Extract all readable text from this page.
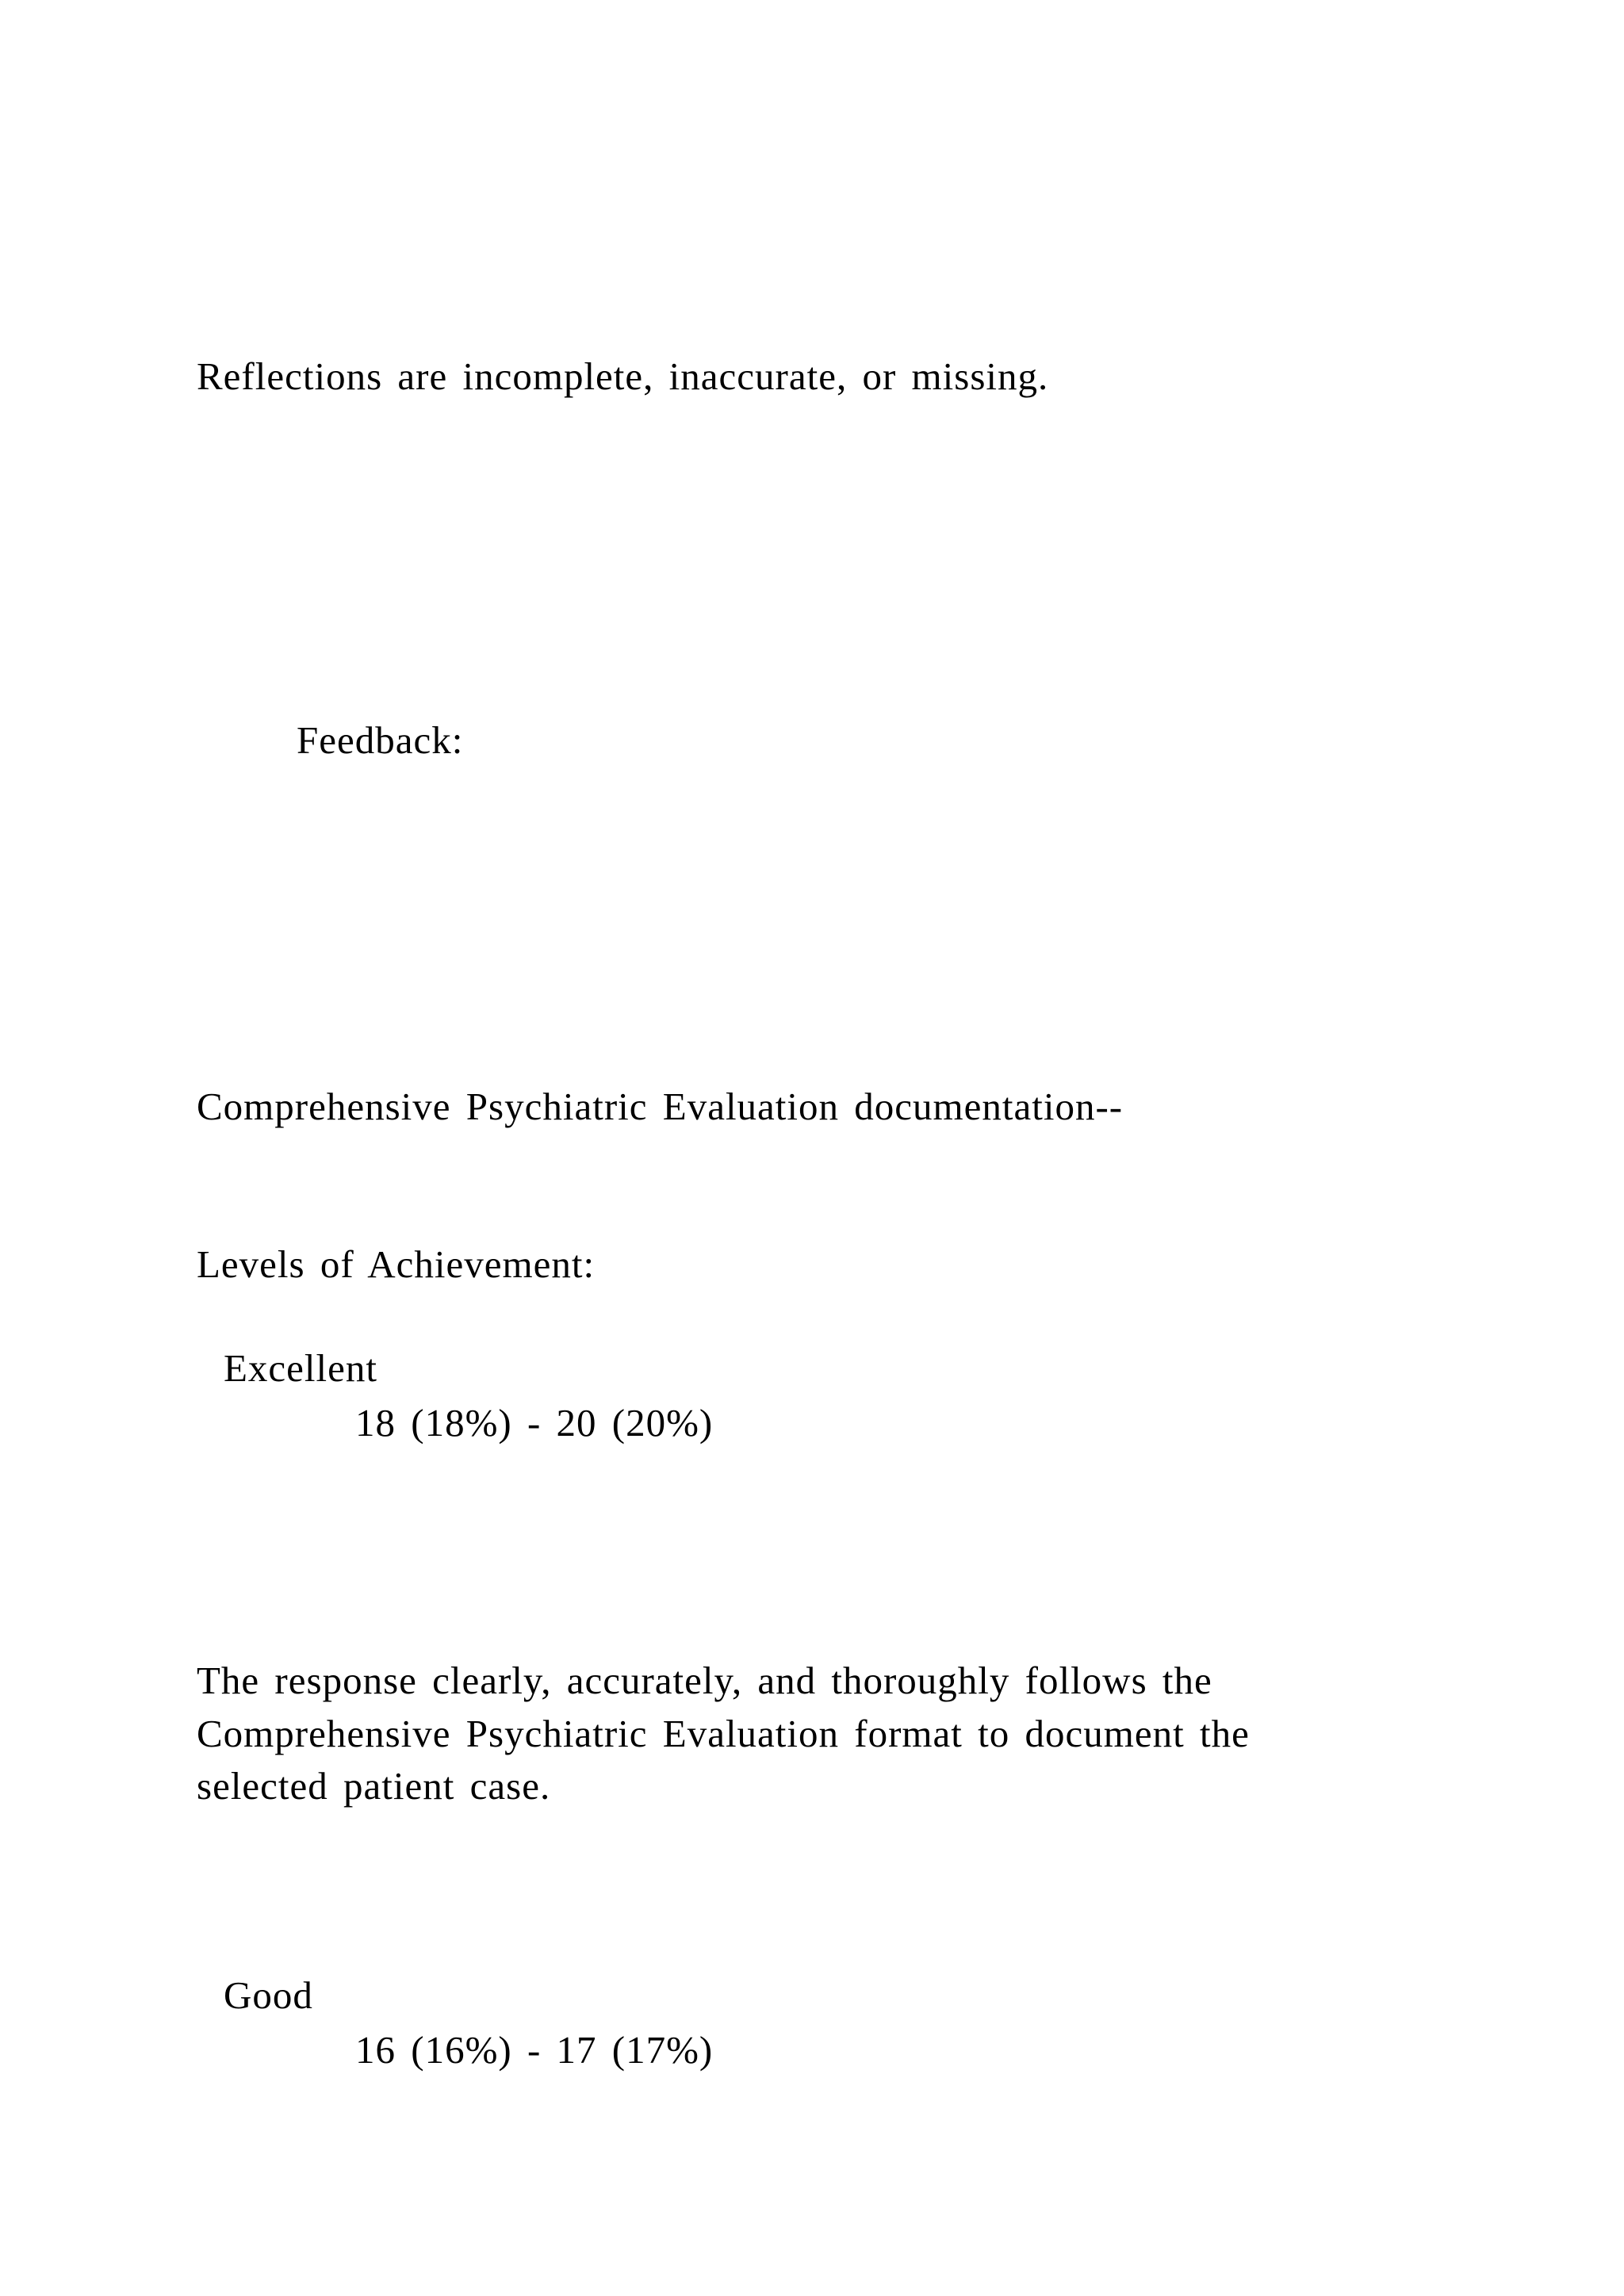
Reflections are incomplete, inaccurate, or missing.
Feedback:
Comprehensive Psychiatric Evaluation documentation--
Levels of Achievement:
Excellent
18 (18%) - 20 (20%)
The response clearly, accurately, and thoroughly follows the
Comprehensive Psychiatric Evaluation format to document the
selected patient case.
Good
16 (16%) - 17 (17%)
